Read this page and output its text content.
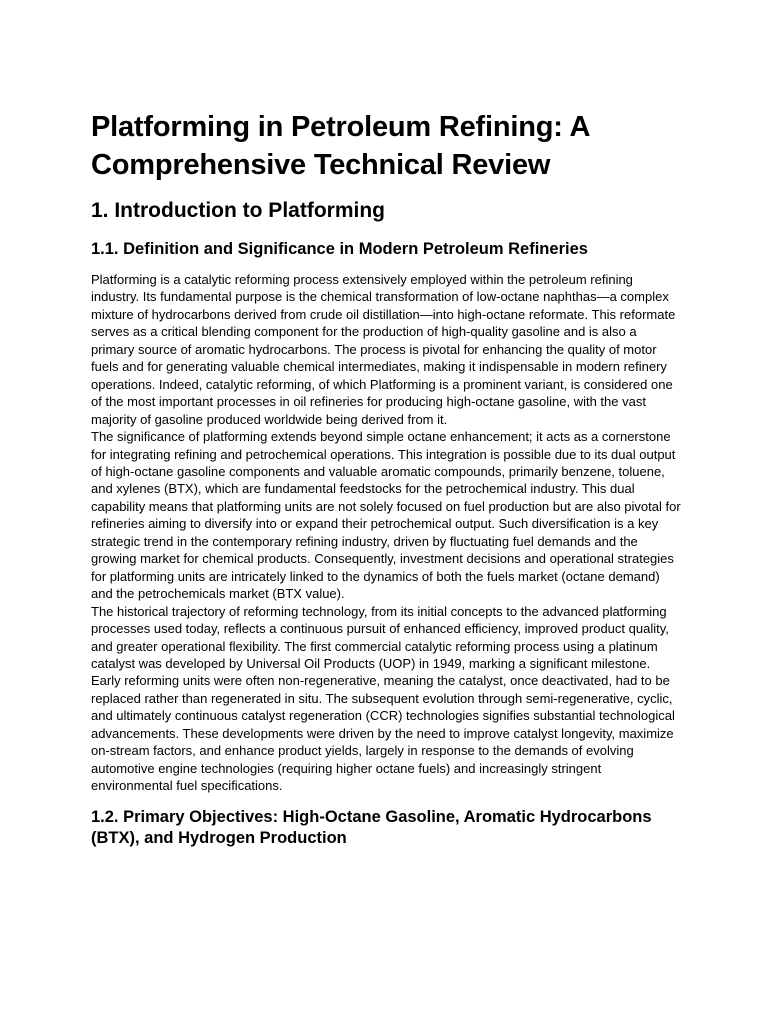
Platforming in Petroleum Refining: A Comprehensive Technical Review
1. Introduction to Platforming
1.1. Definition and Significance in Modern Petroleum Refineries

Platforming is a catalytic reforming process extensively employed within the petroleum refining industry. Its fundamental purpose is the chemical transformation of low-octane naphthas—a complex mixture of hydrocarbons derived from crude oil distillation—into high-octane reformate. This reformate serves as a critical blending component for the production of high-quality gasoline and is also a primary source of aromatic hydrocarbons. The process is pivotal for enhancing the quality of motor fuels and for generating valuable chemical intermediates, making it indispensable in modern refinery operations. Indeed, catalytic reforming, of which Platforming is a prominent variant, is considered one of the most important processes in oil refineries for producing high-octane gasoline, with the vast majority of gasoline produced worldwide being derived from it.

The significance of platforming extends beyond simple octane enhancement; it acts as a cornerstone for integrating refining and petrochemical operations. This integration is possible due to its dual output of high-octane gasoline components and valuable aromatic compounds, primarily benzene, toluene, and xylenes (BTX), which are fundamental feedstocks for the petrochemical industry. This dual capability means that platforming units are not solely focused on fuel production but are also pivotal for refineries aiming to diversify into or expand their petrochemical output. Such diversification is a key strategic trend in the contemporary refining industry, driven by fluctuating fuel demands and the growing market for chemical products. Consequently, investment decisions and operational strategies for platforming units are intricately linked to the dynamics of both the fuels market (octane demand) and the petrochemicals market (BTX value).

The historical trajectory of reforming technology, from its initial concepts to the advanced platforming processes used today, reflects a continuous pursuit of enhanced efficiency, improved product quality, and greater operational flexibility. The first commercial catalytic reforming process using a platinum catalyst was developed by Universal Oil Products (UOP) in 1949, marking a significant milestone. Early reforming units were often non-regenerative, meaning the catalyst, once deactivated, had to be replaced rather than regenerated in situ. The subsequent evolution through semi-regenerative, cyclic, and ultimately continuous catalyst regeneration (CCR) technologies signifies substantial technological advancements. These developments were driven by the need to improve catalyst longevity, maximize on-stream factors, and enhance product yields, largely in response to the demands of evolving automotive engine technologies (requiring higher octane fuels) and increasingly stringent environmental fuel specifications.

1.2. Primary Objectives: High-Octane Gasoline, Aromatic Hydrocarbons (BTX), and Hydrogen Production
